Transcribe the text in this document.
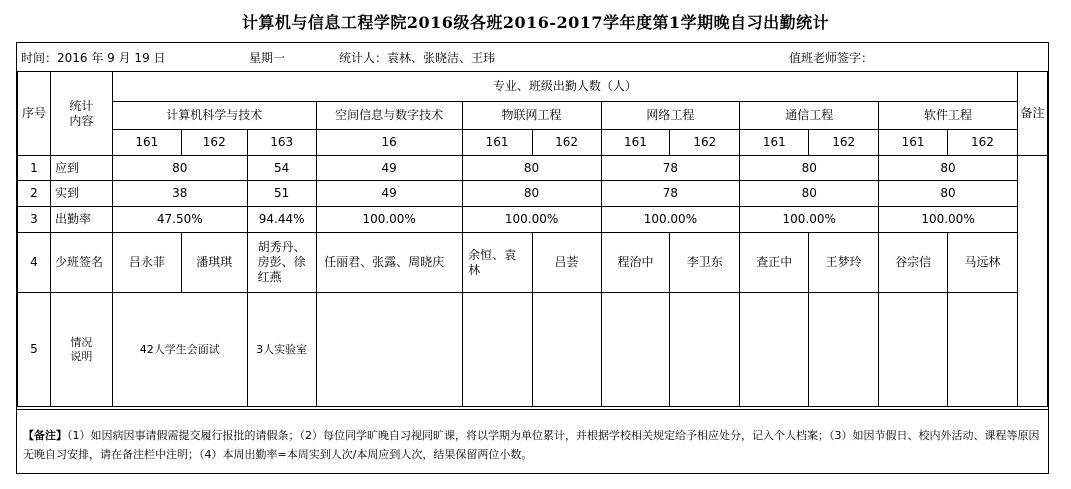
计算机与信息工程学院2016级各班2016-2017学年度第1学期晚自习出勤统计
时间：2016 年 9 月 19 日	星期一	统计人：袁林、张晓洁、王玮	值班老师签字：
序号	统计内容	专业、班级出勤人数（人）												备注
		计算机科学与技术			空间信息与数字技术	物联网工程		网络工程		通信工程		软件工程		
		161	162	163	16	161	162	161	162	161	162	161	162	
1	应到	80		54	49	80		78		80		80		
2	实到	38		51	49	80		78		80		80		
3	出勤率	47.50%		94.44%	100.00%	100.00%		100.00%		100.00%		100.00%		
4	少班签名	吕永菲	潘琪琪	胡秀丹、房彭、徐红燕	任丽君、张露、周晓庆	余恒、袁林	吕荟	程治中	李卫东	查正中	王梦玲	谷宗信	马远林	
5	情况说明	42人学生会面试		3人实验室										
【备注】（1）如因病因事请假需提交履行报批的请假条；（2）每位同学旷晚自习视同旷课，将以学期为单位累计，并根据学校相关规定给予相应处分，记入个人档案；（3）如因节假日、校内外活动、课程等原因无晚自习安排，请在备注栏中注明；（4）本周出勤率=本周实到人次/本周应到人次，结果保留两位小数。
